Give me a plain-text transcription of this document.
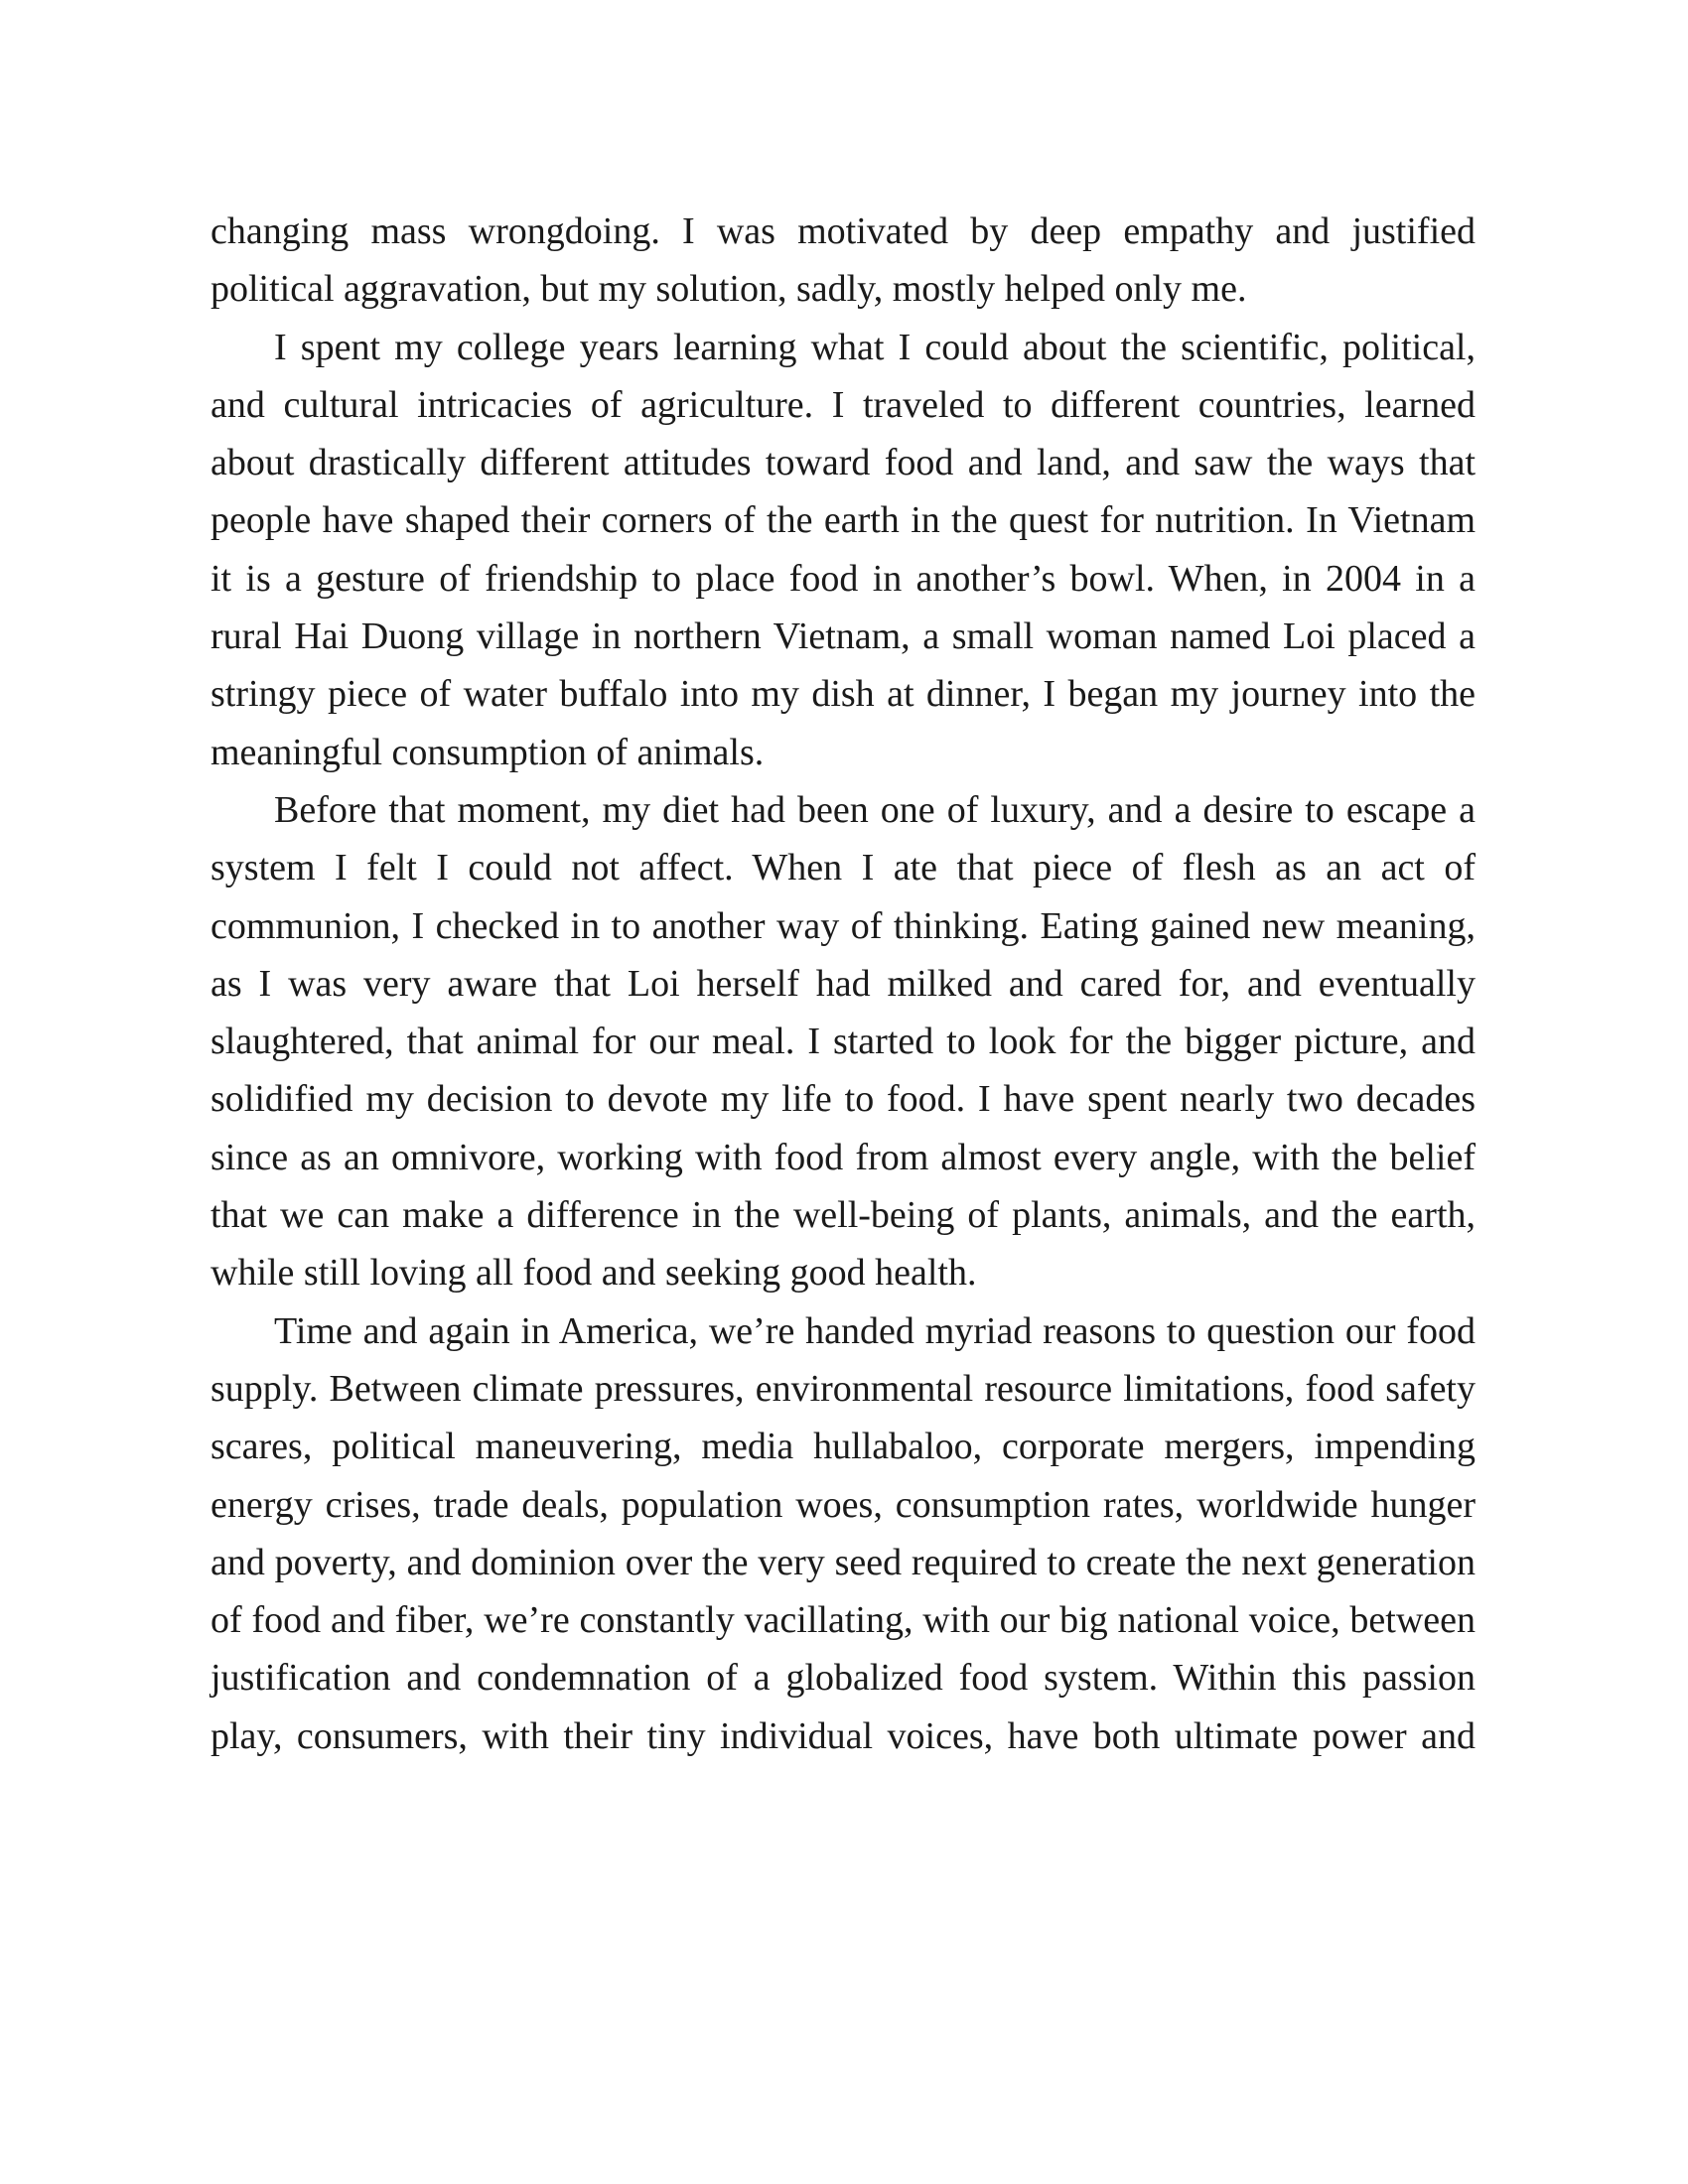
changing mass wrongdoing. I was motivated by deep empathy and justified political aggravation, but my solution, sadly, mostly helped only me.

I spent my college years learning what I could about the scientific, political, and cultural intricacies of agriculture. I traveled to different countries, learned about drastically different attitudes toward food and land, and saw the ways that people have shaped their corners of the earth in the quest for nutrition. In Vietnam it is a gesture of friendship to place food in another’s bowl. When, in 2004 in a rural Hai Duong village in northern Vietnam, a small woman named Loi placed a stringy piece of water buffalo into my dish at dinner, I began my journey into the meaningful consumption of animals.

Before that moment, my diet had been one of luxury, and a desire to escape a system I felt I could not affect. When I ate that piece of flesh as an act of communion, I checked in to another way of thinking. Eating gained new meaning, as I was very aware that Loi herself had milked and cared for, and eventually slaughtered, that animal for our meal. I started to look for the bigger picture, and solidified my decision to devote my life to food. I have spent nearly two decades since as an omnivore, working with food from almost every angle, with the belief that we can make a difference in the well-being of plants, animals, and the earth, while still loving all food and seeking good health.

Time and again in America, we’re handed myriad reasons to question our food supply. Between climate pressures, environmental resource limitations, food safety scares, political maneuvering, media hullabaloo, corporate mergers, impending energy crises, trade deals, population woes, consumption rates, worldwide hunger and poverty, and dominion over the very seed required to create the next generation of food and fiber, we’re constantly vacillating, with our big national voice, between justification and condemnation of a globalized food system. Within this passion play, consumers, with their tiny individual voices, have both ultimate power and
